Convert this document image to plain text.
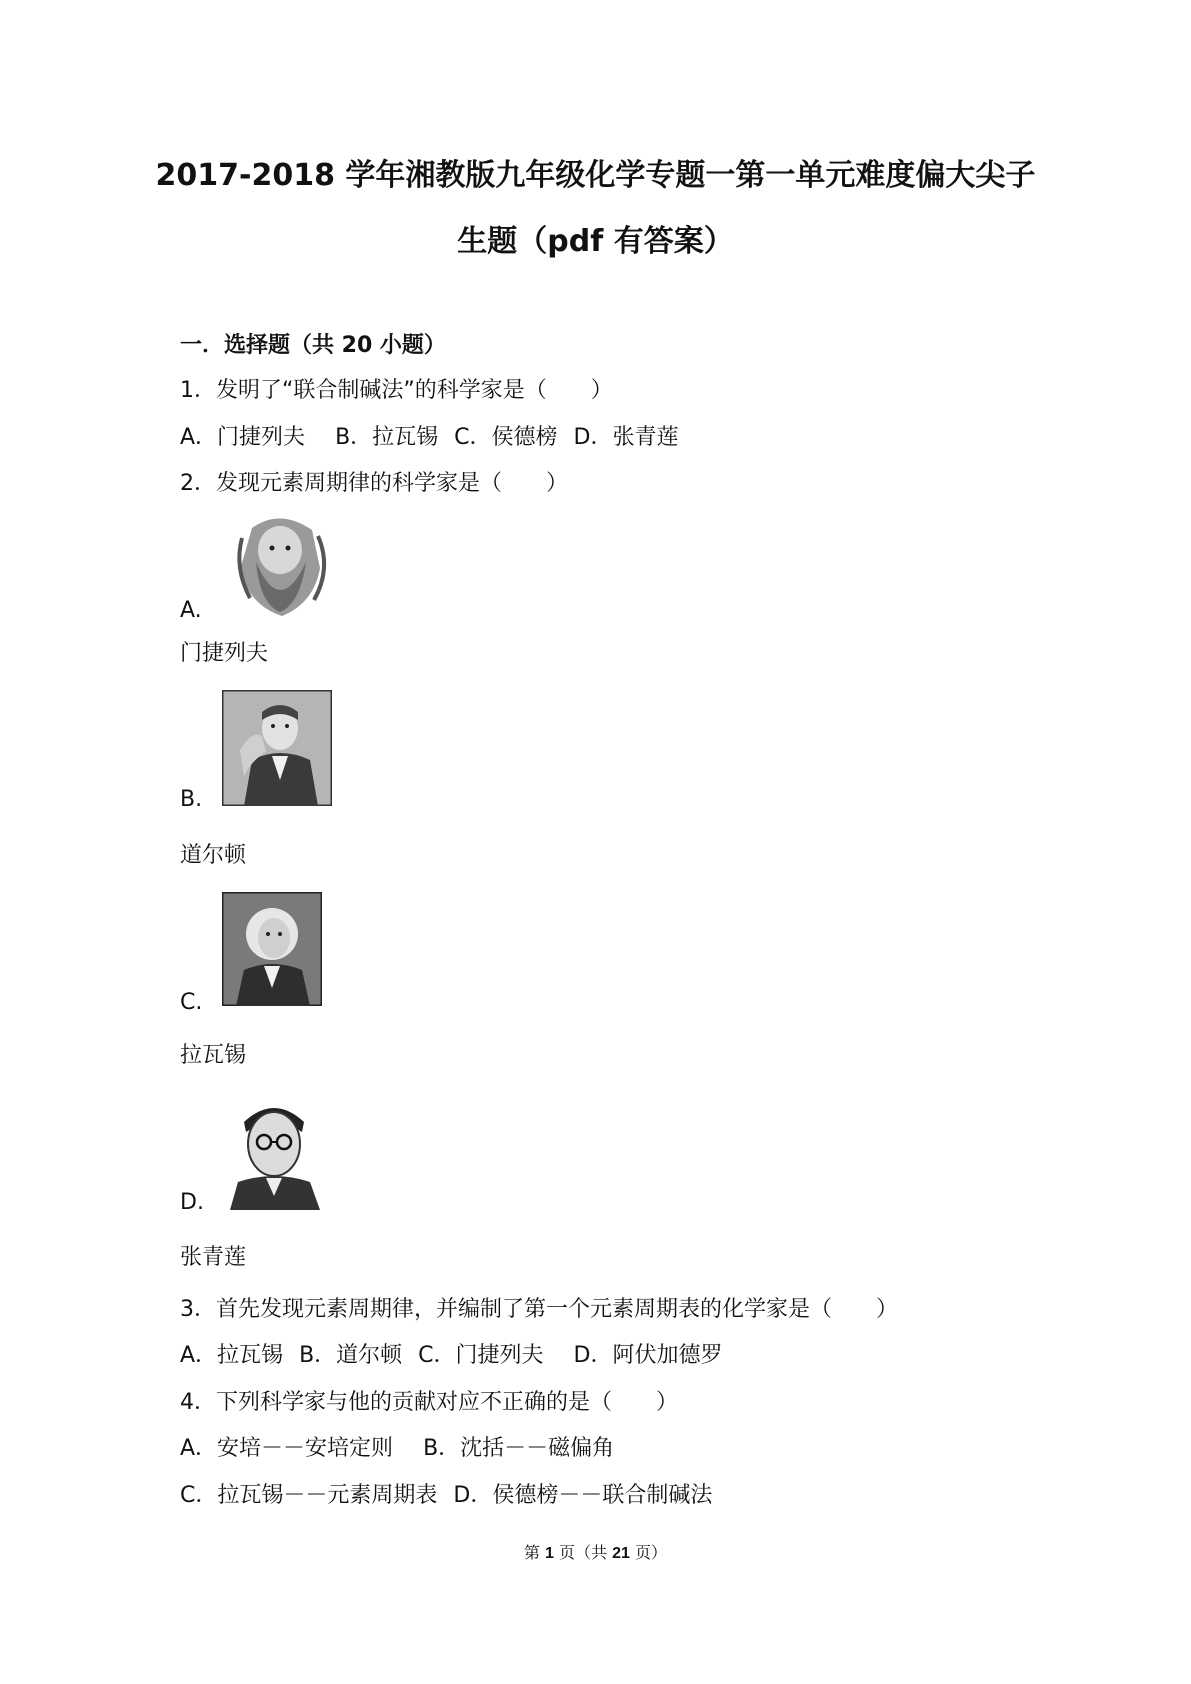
2017-2018 学年湘教版九年级化学专题一第一单元难度偏大尖子
生题（pdf 有答案）
一．选择题（共 20 小题）
1．发明了“联合制碱法”的科学家是（　　）
A．门捷列夫 B．拉瓦锡 C．侯德榜 D．张青莲
2．发现元素周期律的科学家是（　　）
A.
门捷列夫
B.
道尔顿
C.
拉瓦锡
D.
张青莲
3．首先发现元素周期律，并编制了第一个元素周期表的化学家是（　　）
A．拉瓦锡 B．道尔顿 C．门捷列夫 D．阿伏加德罗
4．下列科学家与他的贡献对应不正确的是（　　）
A．安培－－安培定则 B．沈括－－磁偏角
C．拉瓦锡－－元素周期表 D．侯德榜－－联合制碱法
第 1 页（共 21 页）
